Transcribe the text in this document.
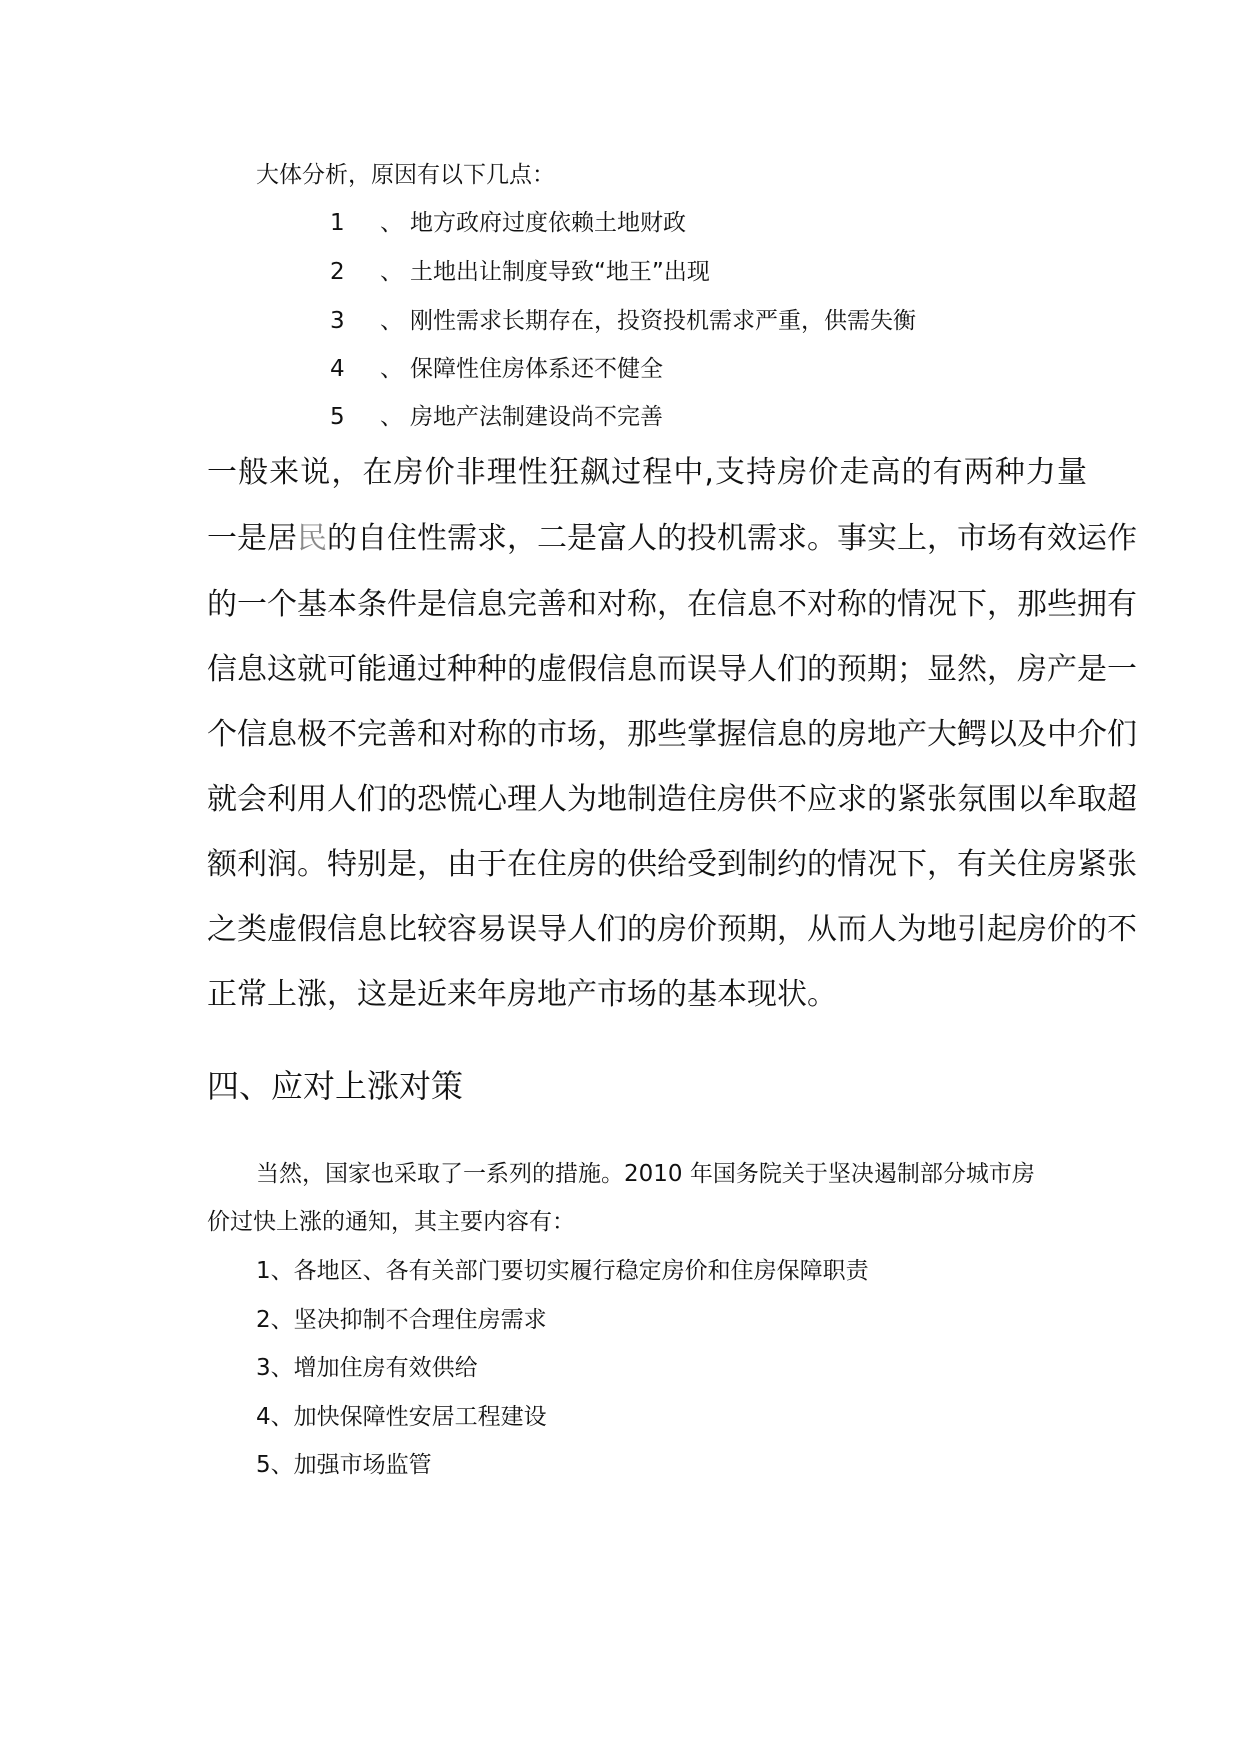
大体分析，原因有以下几点：
1 、 地方政府过度依赖土地财政
2 、 土地出让制度导致“地王”出现
3 、 刚性需求长期存在，投资投机需求严重，供需失衡
4 、 保障性住房体系还不健全
5 、 房地产法制建设尚不完善
一般来说，在房价非理性狂飙过程中,支持房价走高的有两种力量
一是居民的自住性需求，二是富人的投机需求。事实上，市场有效运作
的一个基本条件是信息完善和对称，在信息不对称的情况下，那些拥有
信息这就可能通过种种的虚假信息而误导人们的预期；显然，房产是一
个信息极不完善和对称的市场，那些掌握信息的房地产大鳄以及中介们
就会利用人们的恐慌心理人为地制造住房供不应求的紧张氛围以牟取超
额利润。特别是，由于在住房的供给受到制约的情况下，有关住房紧张
之类虚假信息比较容易误导人们的房价预期，从而人为地引起房价的不
正常上涨，这是近来年房地产市场的基本现状。
四、应对上涨对策
当然，国家也采取了一系列的措施。2010 年国务院关于坚决遏制部分城市房
价过快上涨的通知，其主要内容有：
1、各地区、各有关部门要切实履行稳定房价和住房保障职责
2、坚决抑制不合理住房需求
3、增加住房有效供给
4、加快保障性安居工程建设
5、加强市场监管
